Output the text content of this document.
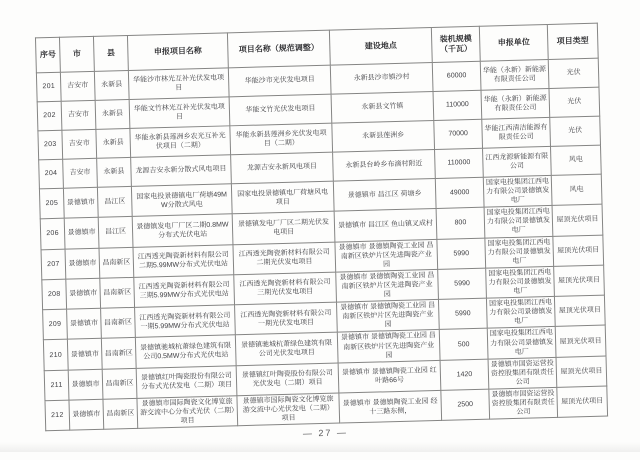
序号	市	县	申报项目名称	项目名称（规范调整）	建设地点	装机规模（千瓦）	申报单位	项目类型
201	吉安市	永新县	华能沙市林光互补光伏发电项目	华能沙市光伏发电项目	永新县沙市镇沙村	60000	华能（永新）新能源有限责任公司	光伏
202	吉安市	永新县	华能文竹林光互补光伏发电项目	华能文竹光伏发电项目	永新县文竹镇	110000	华能（永新）新能源有限责任公司	光伏
203	吉安市	永新县	华能永新县莲洲乡农光互补光伏项目（二期）	华能永新县莲洲乡光伏发电项目（二期）	永新县莲洲乡	70000	华能江西清洁能源有限责任公司	光伏
204	吉安市	永新县	龙源吉安永新分散式风电项目	龙源吉安永新风电项目	永新县台岭乡布滴村附近	110000	江西龙源新能源有限公司	风电
205	景德镇市	昌江区	国家电投景德镇电厂荷塘49MW分散式风电	国家电投景德镇电厂荷塘风电项目	景德镇市 昌江区 荷塘乡	49000	国家电投集团江西电力有限公司景德镇发电厂	风电
206	景德镇市	昌江区	景德镇发电厂厂区二期0.8MW分布式光伏电站	景德镇发电厂厂区二期光伏发电项目	景德镇市 昌江区 鱼山镇叉成村	800	国家电投集团江西电力有限公司景德镇发电厂	屋顶光伏项目
207	景德镇市	昌南新区	江西透光陶瓷新材料有限公司二期5.99MW分布式光伏电站	江西透光陶瓷新材料有限公司二期光伏发电项目	景德镇市 景德镇陶瓷工业园 昌南新区铁炉片区先进陶瓷产业园	5990	国家电投集团江西电力有限公司景德镇发电厂	屋顶光伏项目
208	景德镇市	昌南新区	江西透光陶瓷新材料有限公司三期5.99MW分布式光伏电站	江西透光陶瓷新材料有限公司三期光伏发电项目	景德镇市 景德镇陶瓷工业园 昌南新区铁炉片区先进陶瓷产业园	5990	国家电投集团江西电力有限公司景德镇发电厂	屋顶光伏项目
209	景德镇市	昌南新区	江西透光陶瓷新材料有限公司一期5.99MW分布式光伏电站	江西透光陶瓷新材料有限公司一期光伏发电项目	景德镇市 景德镇陶瓷工业园 昌南新区铁炉片区先进陶瓷产业园	5990	国家电投集团江西电力有限公司景德镇发电厂	屋顶光伏项目
210	景德镇市	昌南新区	景德镇驰城杭萧绿色建筑有限公司0.5MW分布式光伏电站	景德镇驰城杭萧绿色建筑有限公司光伏发电项目	景德镇市 景德镇陶瓷工业园 昌南新区铁炉片区先进陶瓷产业园	500	国家电投集团江西电力有限公司景德镇发电厂	屋顶光伏项目
211	景德镇市	昌南新区	景德镇红叶陶瓷股份有限公司分布式光伏发电（二期）项目	景德镇红叶陶瓷股份有限公司光伏发电（二期）项目	景德镇市 景德镇陶瓷工业园 红叶路66号	1420	景德镇市国资运营投资控股集团有限责任公司	屋顶光伏项目
212	景德镇市	昌南新区	景德镇市国际陶瓷文化博览旅游交流中心分布式光伏（二期）项目	景德镇市国际陶瓷文化博览旅游交流中心光伏发电（二期）项目	景德镇市 景德镇陶瓷工业园 经十三路东侧，	2500	景德镇市国资运营投资控股集团有限责任公司	屋顶光伏项目
— 27 —
